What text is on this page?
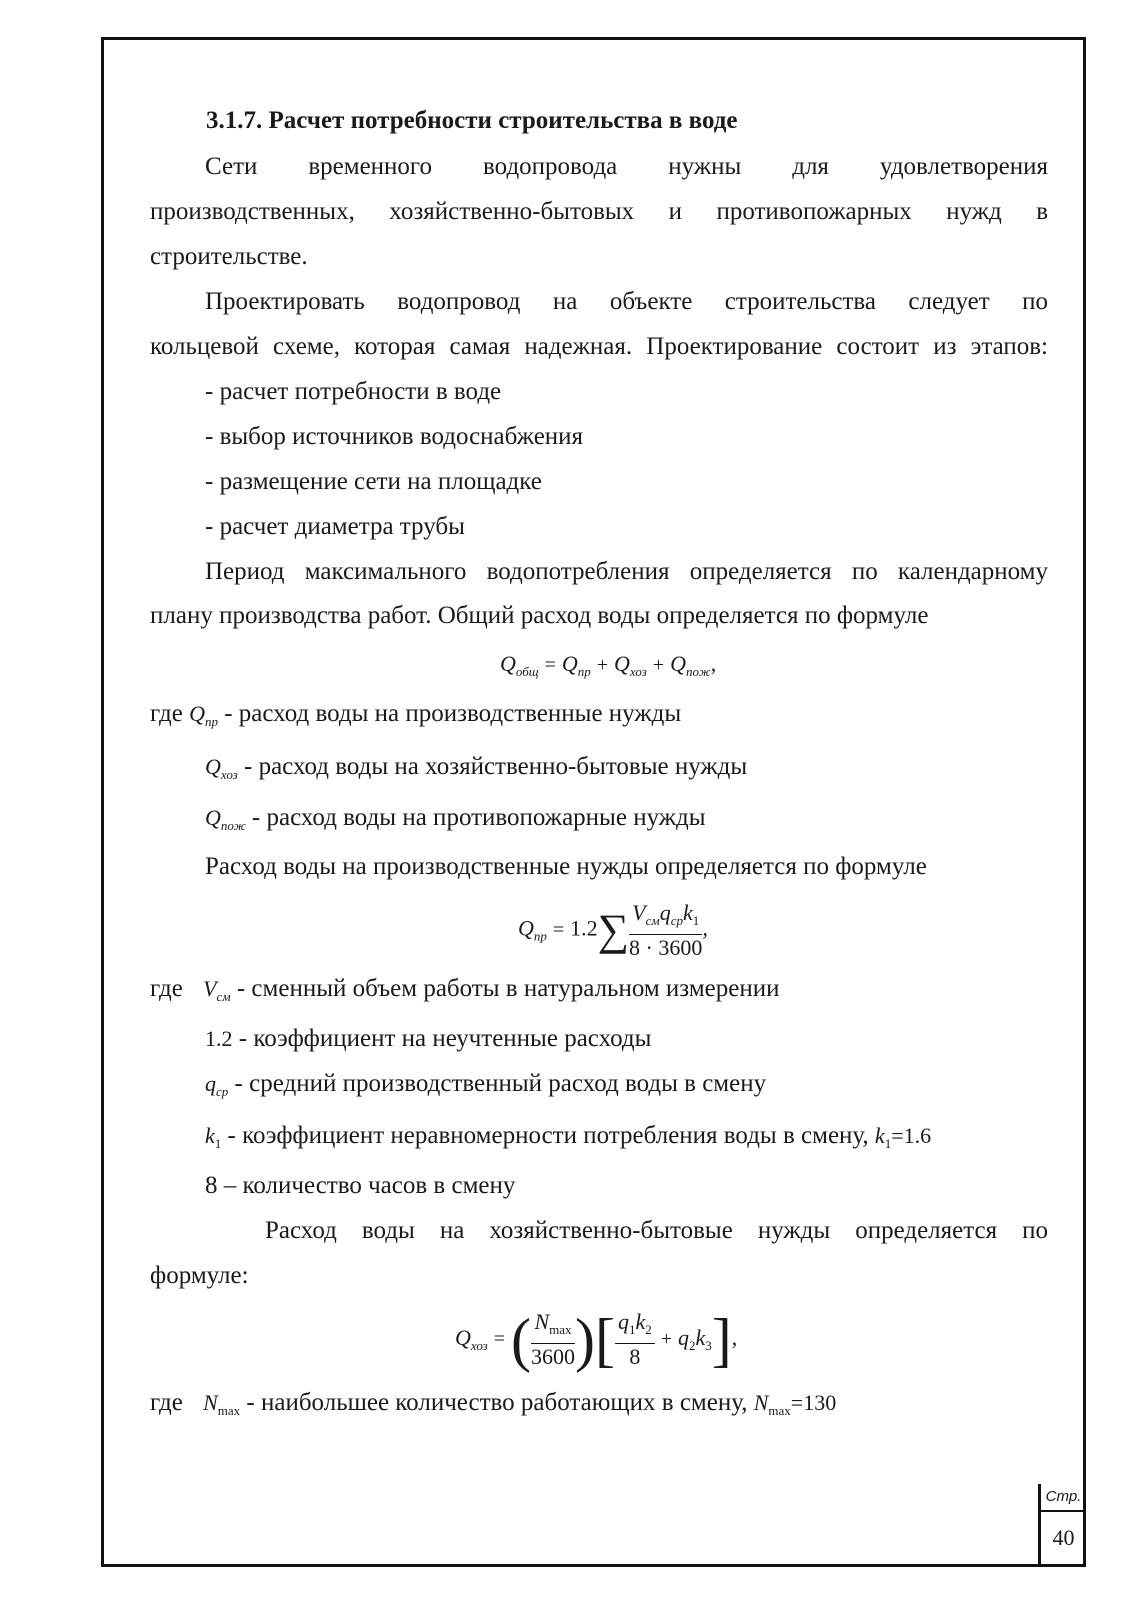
3.1.7. Расчет потребности строительства в воде
Сети временного водопровода нужны для удовлетворения
производственных, хозяйственно-бытовых и противопожарных нужд в
строительстве.
Проектировать водопровод на объекте строительства следует по
кольцевой схеме, которая самая надежная. Проектирование состоит из этапов:
- расчет потребности в воде
- выбор источников водоснабжения
- размещение сети на площадке
- расчет диаметра трубы
Период максимального водопотребления определяется по календарному
плану производства работ. Общий расход воды определяется по формуле
$Q_{общ} = Q_{пр} + Q_{хоз} + Q_{пож}$,
где $Q_{пр}$ - расход воды на производственные нужды
$Q_{хоз}$ - расход воды на хозяйственно-бытовые нужды
$Q_{пож}$ - расход воды на противопожарные нужды
Расход воды на производственные нужды определяется по формуле
$Q_{пр} = 1.2\sum \frac{V_{см}q_{ср}k_1}{8 \cdot 3600}$ ,
где $V_{см}$ - сменный объем работы в натуральном измерении
1.2 - коэффициент на неучтенные расходы
$q_{ср}$ - средний производственный расход воды в смену
$k_1$ - коэффициент неравномерности потребления воды в смену, $k_1=1.6$
8 – количество часов в смену
Расход воды на хозяйственно-бытовые нужды определяется по
формуле:
$Q_{хоз}$ = ( $\frac{N_{max}}{3600}$ )[ $\frac{q_1k_2}{8} + q_2k_3$],
где $N_{max}$ - наибольшее количество работающих в смену, $N_{max}=130$
Стр.
40
